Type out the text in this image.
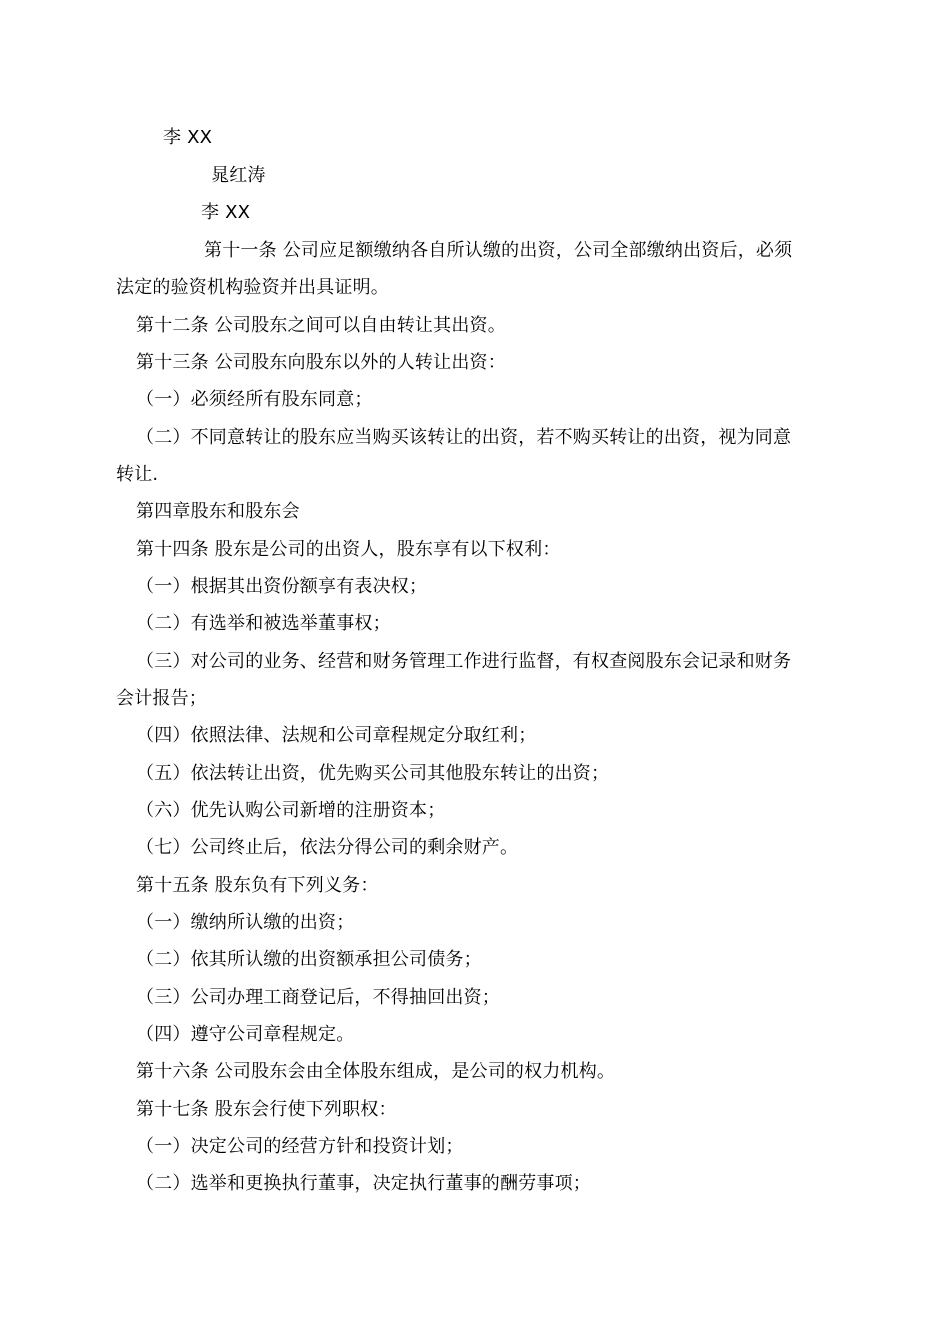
李 XX
晁红涛
李 XX
第十一条 公司应足额缴纳各自所认缴的出资，公司全部缴纳出资后，必须
法定的验资机构验资并出具证明。
第十二条 公司股东之间可以自由转让其出资。
第十三条 公司股东向股东以外的人转让出资：
（一）必须经所有股东同意；
（二）不同意转让的股东应当购买该转让的出资，若不购买转让的出资，视为同意
转让.
第四章股东和股东会
第十四条 股东是公司的出资人，股东享有以下权利：
（一）根据其出资份额享有表决权；
（二）有选举和被选举董事权；
（三）对公司的业务、经营和财务管理工作进行监督，有权查阅股东会记录和财务
会计报告；
（四）依照法律、法规和公司章程规定分取红利；
（五）依法转让出资，优先购买公司其他股东转让的出资；
（六）优先认购公司新增的注册资本；
（七）公司终止后，依法分得公司的剩余财产。
第十五条 股东负有下列义务：
（一）缴纳所认缴的出资；
（二）依其所认缴的出资额承担公司债务；
（三）公司办理工商登记后，不得抽回出资；
（四）遵守公司章程规定。
第十六条 公司股东会由全体股东组成，是公司的权力机构。
第十七条 股东会行使下列职权：
（一）决定公司的经营方针和投资计划；
（二）选举和更换执行董事，决定执行董事的酬劳事项；
